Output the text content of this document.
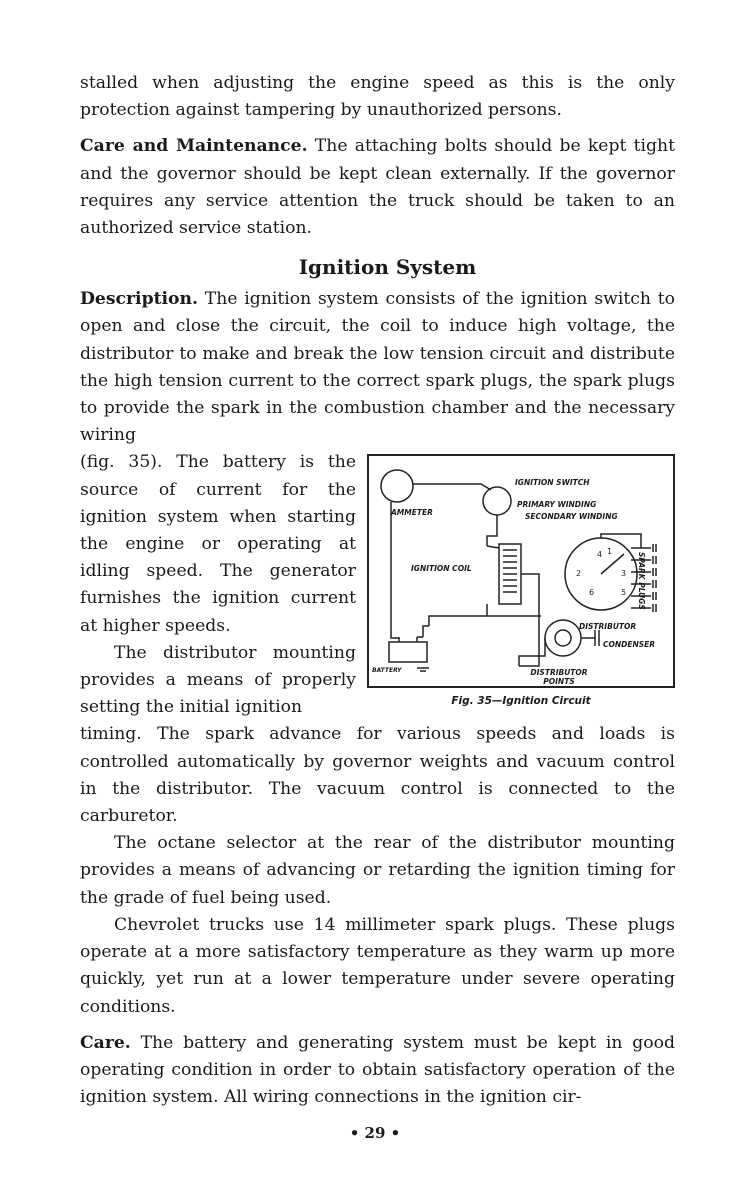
stalled when adjusting the engine speed as this is the only protection against tampering by unauthorized persons.

Care and Maintenance. The attaching bolts should be kept tight and the governor should be kept clean externally. If the governor requires any service attention the truck should be taken to an authorized service station.

Ignition System

Description. The ignition system consists of the ignition switch to open and close the circuit, the coil to induce high voltage, the distributor to make and break the low tension circuit and distribute the high tension current to the correct spark plugs, the spark plugs to provide the spark in the combustion chamber and the necessary wiring

1
2	3
4
5
6
IGNITION SWITCH
AMMETER
PRIMARY WINDING
SECONDARY WINDING
IGNITION COIL	SPARK PLUGS
DISTRIBUTOR
CONDENSER
BATTERY	DISTRIBUTOR POINTS

(fig. 35). The battery is the source of current for the ignition system when starting the engine or operating at idling speed. The generator furnishes the ignition current at higher speeds.

The distributor mounting provides a means of properly setting the initial ignition	Fig. 35—Ignition Circuit

timing. The spark advance for various speeds and loads is controlled automatically by governor weights and vacuum control in the distributor. The vacuum control is connected to the carburetor.

The octane selector at the rear of the distributor mounting provides a means of advancing or retarding the ignition timing for the grade of fuel being used.

Chevrolet trucks use 14 millimeter spark plugs. These plugs operate at a more satisfactory temperature as they warm up more quickly, yet run at a lower temperature under severe operating conditions.

Care. The battery and generating system must be kept in good operating condition in order to obtain satisfactory operation of the ignition system. All wiring connections in the ignition cir-

• 29 •
